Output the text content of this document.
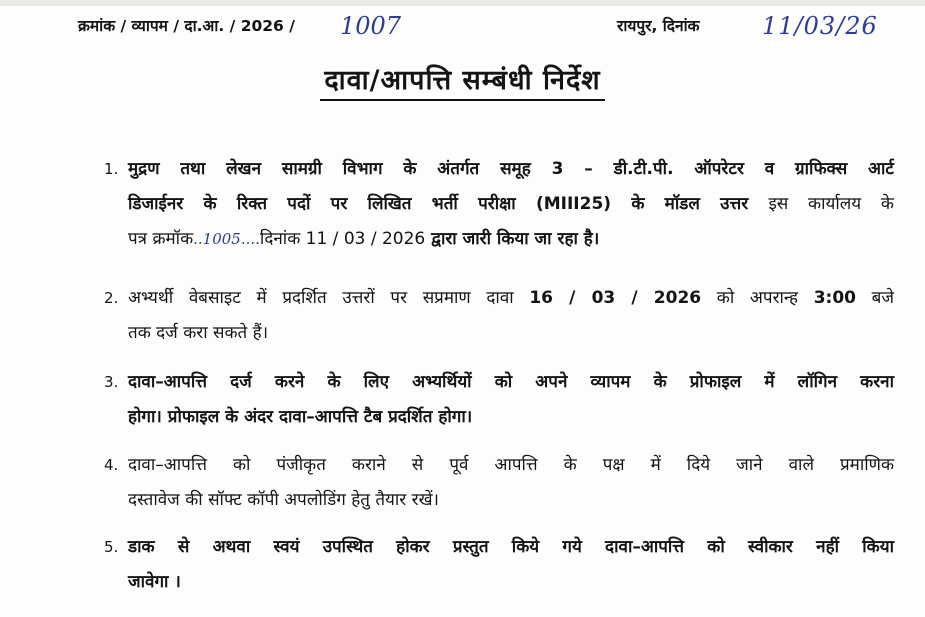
क्रमांक / व्यापम / दा.आ. / 2026 / 1007	रायपुर, दिनांक	11/03/26
दावा/आपत्ति सम्बंधी निर्देश
1. मुद्रण तथा लेखन सामग्री विभाग के अंतर्गत समूह 3 – डी.टी.पी. ऑपरेटर व ग्राफिक्स आर्ट
डिजाईनर के रिक्त पदों पर लिखित भर्ती परीक्षा (MIII25) के मॉडल उत्तर इस कार्यालय के
पत्र क्रमॉक..1005....दिनांक 11 / 03 / 2026 द्वारा जारी किया जा रहा है।
2. अभ्यर्थी वेबसाइट में प्रदर्शित उत्तरों पर सप्रमाण दावा 16 / 03 / 2026 को अपरान्ह 3:00 बजे
तक दर्ज करा सकते हैं।
3. दावा–आपत्ति दर्ज करने के लिए अभ्यर्थियों को अपने व्यापम के प्रोफाइल में लॉगिन करना
होगा। प्रोफाइल के अंदर दावा–आपत्ति टैब प्रदर्शित होगा।
4. दावा–आपत्ति को पंजीकृत कराने से पूर्व आपत्ति के पक्ष में दिये जाने वाले प्रमाणिक
दस्तावेज की सॉफ्ट कॉपी अपलोडिंग हेतु तैयार रखें।
5. डाक से अथवा स्वयं उपस्थित होकर प्रस्तुत किये गये दावा–आपत्ति को स्वीकार नहीं किया
जावेगा ।
